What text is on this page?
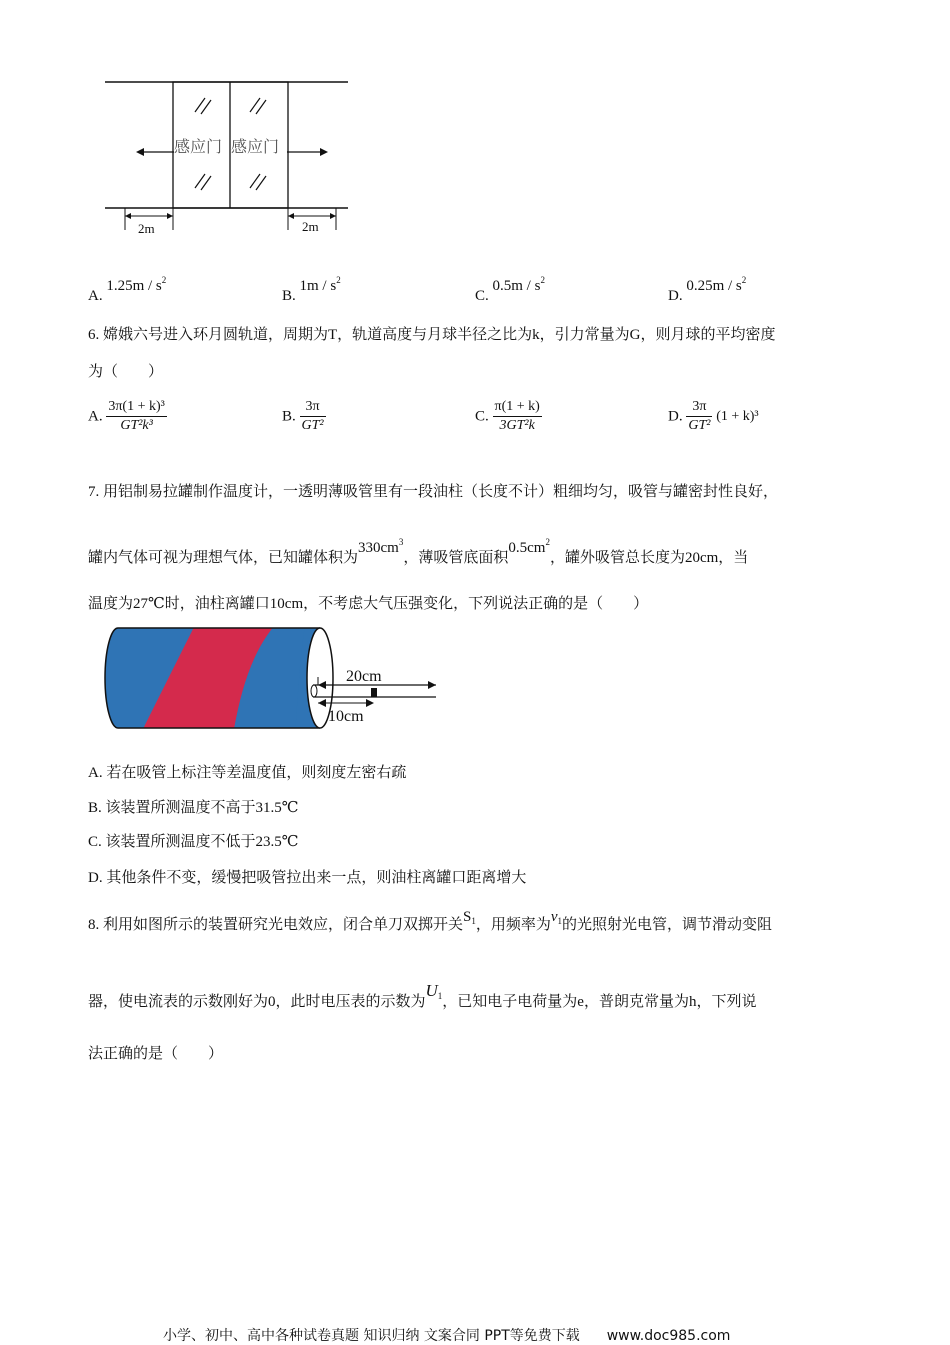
感应门 感应门
2m	2m
A. $1.25m / s^2$
B. $1m / s^2$
C. $0.5m / s^2$
D. $0.25m / s^2$
6. 嫦娥六号进入环月圆轨道，周期为T，轨道高度与月球半径之比为k，引力常量为G，则月球的平均密度
为（　　）
A. $\frac{\text{3π(1 + k)³}}{\text{GT²k³}}$	B. $\frac{3\pi}{\text{GT²}}$	C. $\frac{\pi(1 + k)}{\text{3GT²k}}$	D. $\frac{3\pi}{\text{GT²}} (1 + k)^3$
7. 用铝制易拉罐制作温度计，一透明薄吸管里有一段油柱（长度不计）粗细均匀，吸管与罐密封性良好，
罐内气体可视为理想气体，已知罐体积为$330cm^3$，薄吸管底面积$0.5cm^2$，罐外吸管总长度为20cm，当
温度为27℃时，油柱离罐口10cm，不考虑大气压强变化，下列说法正确的是（　　）
20cm
10cm
A. 若在吸管上标注等差温度值，则刻度左密右疏
B. 该装置所测温度不高于31.5℃
C. 该装置所测温度不低于23.5℃
D. 其他条件不变，缓慢把吸管拉出来一点，则油柱离罐口距离增大
8. 利用如图所示的装置研究光电效应，闭合单刀双掷开关$S_1$，用频率为$\nu_1$的光照射光电管，调节滑动变阻
器，使电流表的示数刚好为0，此时电压表的示数为U1，已知电子电荷量为e，普朗克常量为h，下列说
法正确的是（　　）
小学、初中、高中各种试卷真题 知识归纳 文案合同 PPT等免费下载 www.doc985.com
